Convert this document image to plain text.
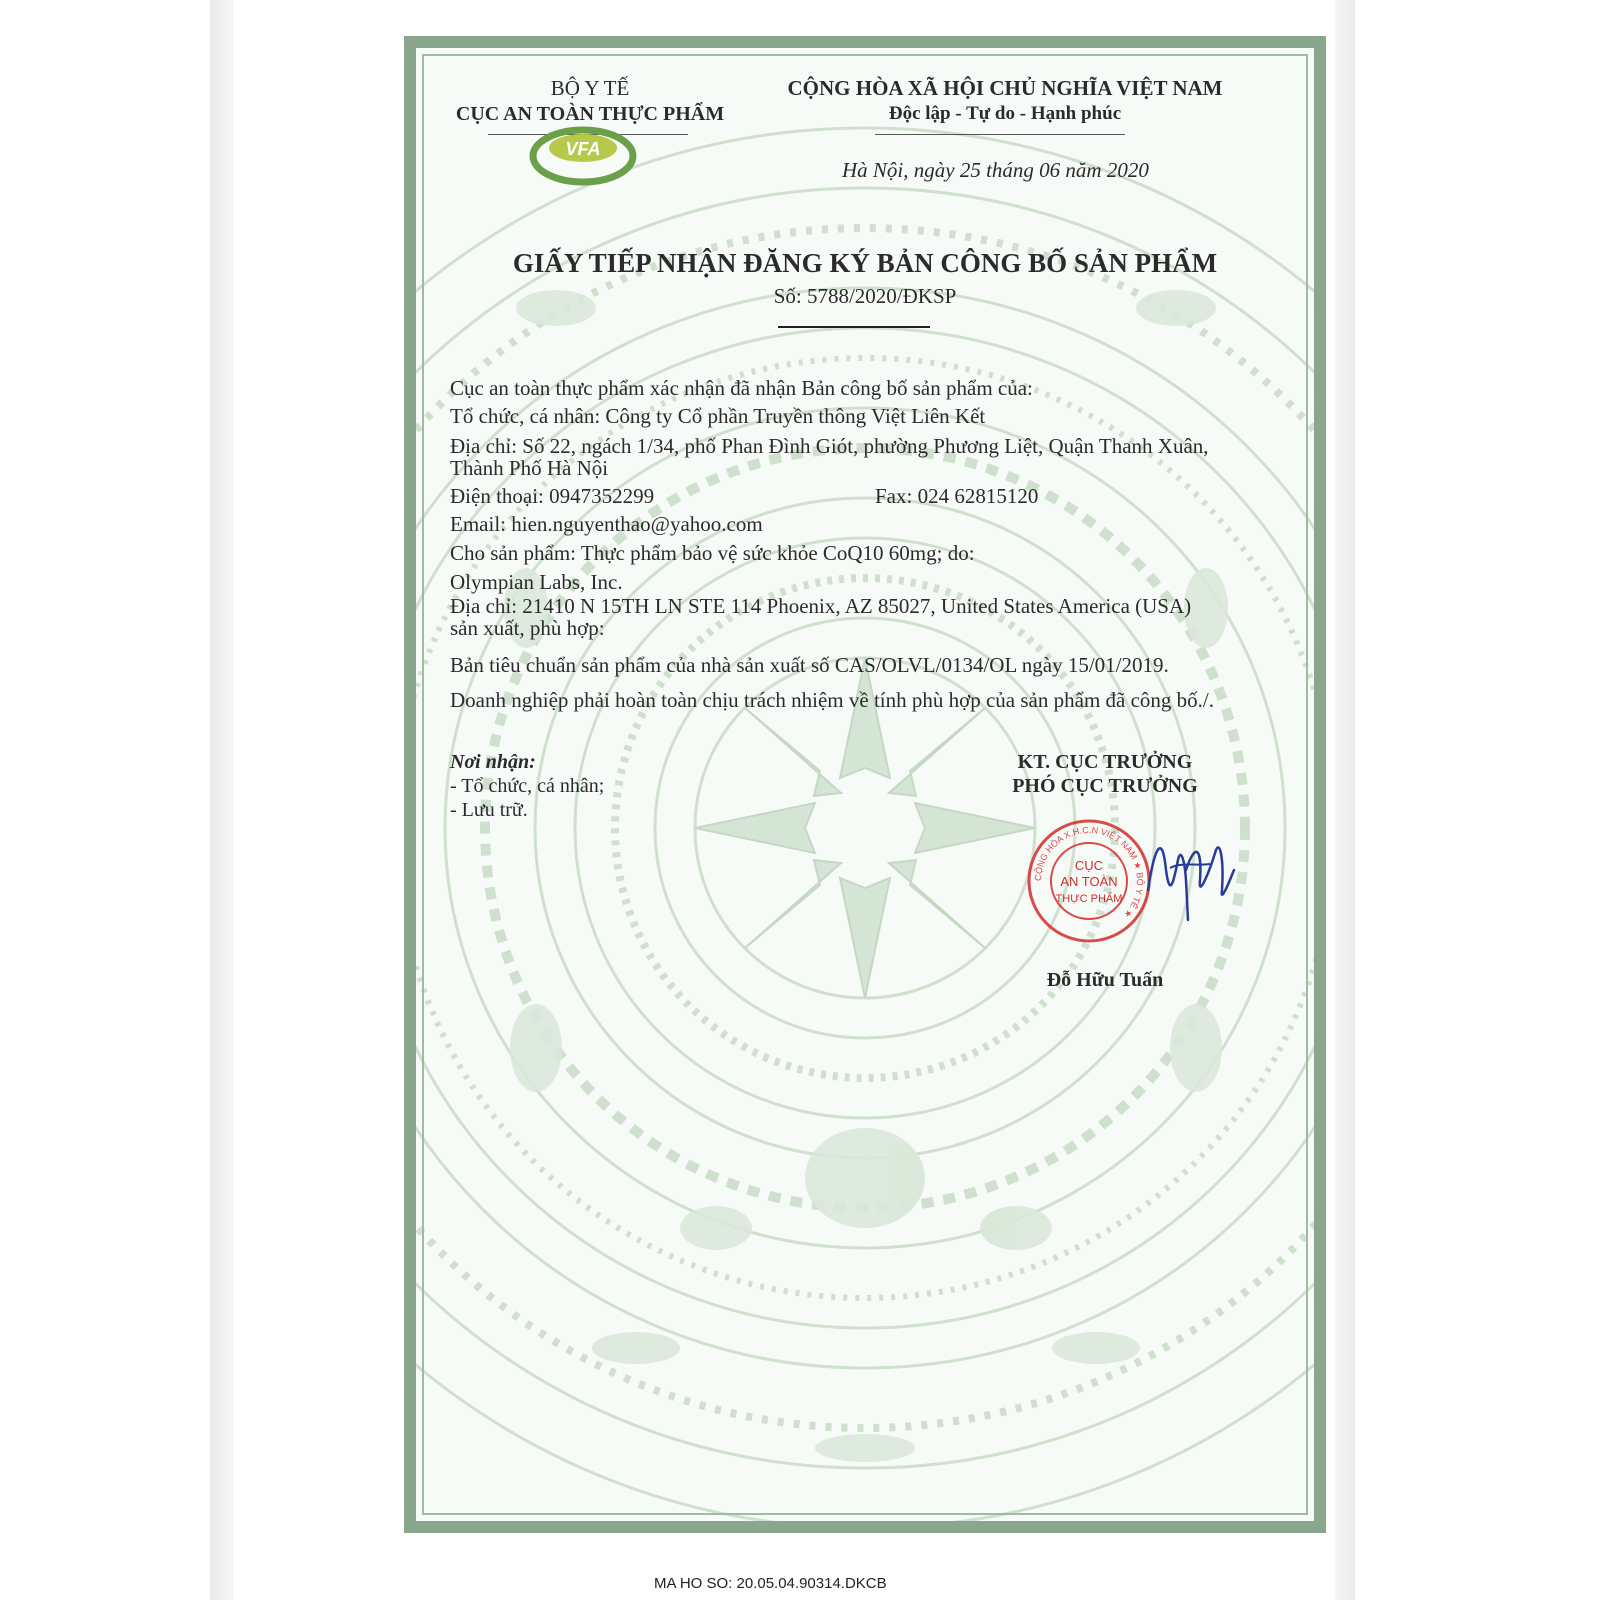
BỘ Y TẾ
CỤC AN TOÀN THỰC PHẨM
VFA
CỘNG HÒA XÃ HỘI CHỦ NGHĨA VIỆT NAM
Độc lập - Tự do - Hạnh phúc
Hà Nội, ngày 25 tháng 06 năm 2020
GIẤY TIẾP NHẬN ĐĂNG KÝ BẢN CÔNG BỐ SẢN PHẨM
Số: 5788/2020/ĐKSP
Cục an toàn thực phẩm xác nhận đã nhận Bản công bố sản phẩm của:
Tổ chức, cá nhân: Công ty Cổ phần Truyền thông Việt Liên Kết
Địa chỉ: Số 22, ngách 1/34, phố Phan Đình Giót, phường Phương Liệt, Quận Thanh Xuân,
Thành Phố Hà Nội
Điện thoại: 0947352299	Fax: 024 62815120
Email: hien.nguyenthao@yahoo.com
Cho sản phẩm: Thực phẩm bảo vệ sức khỏe CoQ10 60mg; do:
Olympian Labs, Inc.
Địa chỉ: 21410 N 15TH LN STE 114 Phoenix, AZ 85027, United States America (USA)
sản xuất, phù hợp:
Bản tiêu chuẩn sản phẩm của nhà sản xuất số CAS/OLVL/0134/OL ngày 15/01/2019.
Doanh nghiệp phải hoàn toàn chịu trách nhiệm về tính phù hợp của sản phẩm đã công bố./.
Nơi nhận:
- Tổ chức, cá nhân;
- Lưu trữ.
KT. CỤC TRƯỞNG
PHÓ CỤC TRƯỞNG
CỘNG HÒA X.H.C.N VIỆT NAM ★ BỘ Y TẾ ★
CỤC
AN TOÀN
THỰC PHẨM
Đỗ Hữu Tuấn
MA HO SO: 20.05.04.90314.DKCB
